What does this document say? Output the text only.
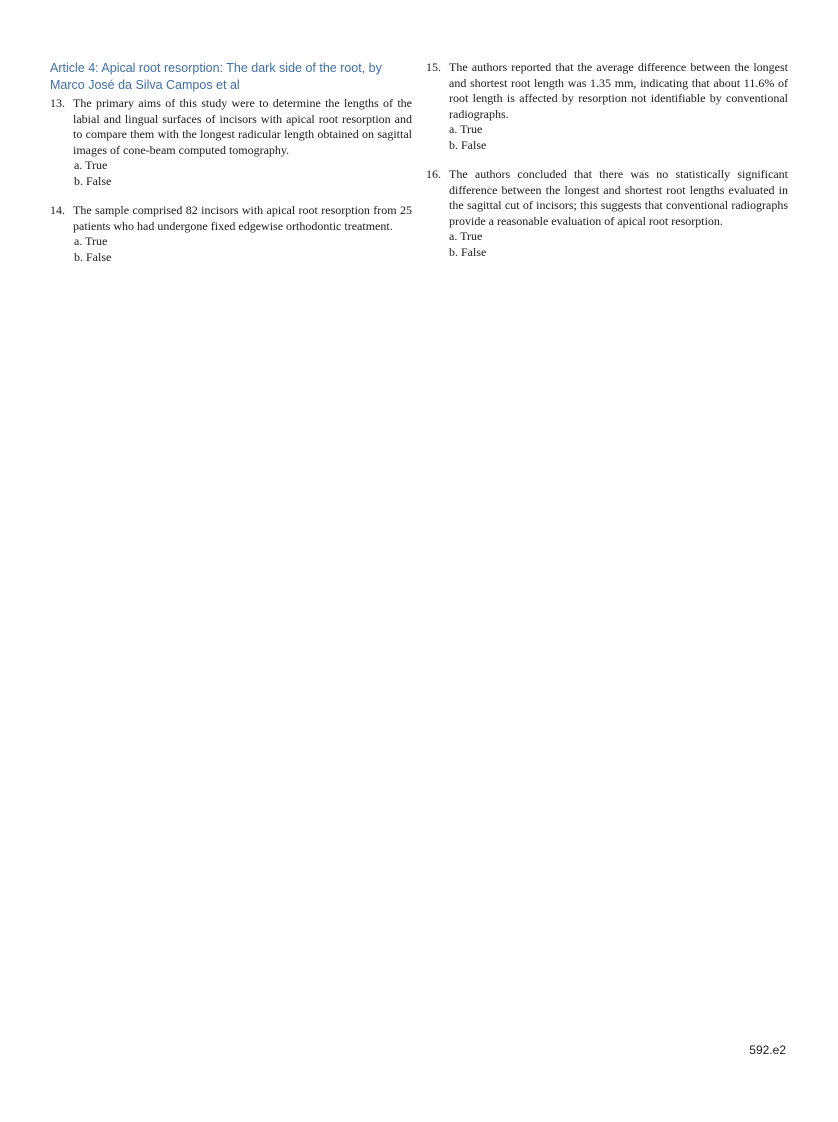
Article 4: Apical root resorption: The dark side of the root, by
Marco José da Silva Campos et al

13. The primary aims of this study were to determine the lengths of the labial and lingual surfaces of incisors with apical root resorption and to compare them with the longest radicular length obtained on sagittal images of cone-beam computed tomography.

a. True
b. False
14. The sample comprised 82 incisors with apical root resorption from 25 patients who had undergone fixed edgewise orthodontic treatment.

a. True
b. False
15. The authors reported that the average difference between the longest and shortest root length was 1.35 mm, indicating that about 11.6% of root length is affected by resorption not identifiable by conventional radiographs.

a. True
b. False
16. The authors concluded that there was no statistically significant difference between the longest and shortest root lengths evaluated in the sagittal cut of incisors; this suggests that conventional radiographs provide a reasonable evaluation of apical root resorption.

a. True
b. False
592.e2
